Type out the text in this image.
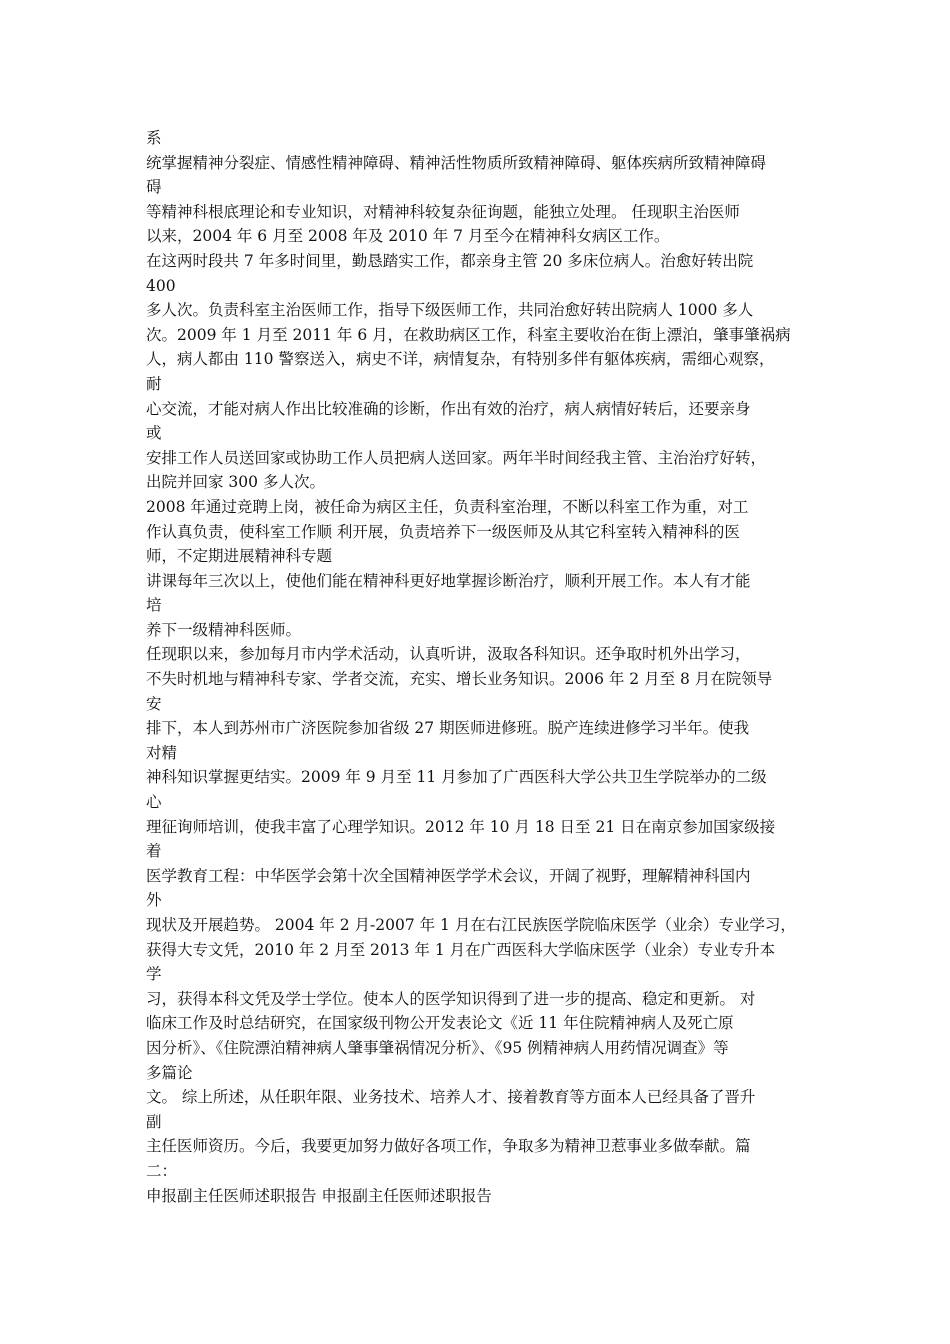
系
统掌握精神分裂症、情感性精神障碍、精神活性物质所致精神障碍、躯体疾病所致精神障碍
碍
等精神科根底理论和专业知识，对精神科较复杂征询题，能独立处理。 任现职主治医师
以来，2004 年 6 月至 2008 年及 2010 年 7 月至今在精神科女病区工作。
在这两时段共 7 年多时间里，勤恳踏实工作，都亲身主管 20 多床位病人。治愈好转出院
400
多人次。负责科室主治医师工作，指导下级医师工作，共同治愈好转出院病人 1000 多人
次。2009 年 1 月至 2011 年 6 月，在救助病区工作，科室主要收治在街上漂泊，肇事肇祸病
人，病人都由 110 警察送入，病史不详，病情复杂，有特别多伴有躯体疾病，需细心观察，
耐
心交流，才能对病人作出比较准确的诊断，作出有效的治疗，病人病情好转后，还要亲身
或
安排工作人员送回家或协助工作人员把病人送回家。两年半时间经我主管、主治治疗好转，
出院并回家 300 多人次。
2008 年通过竞聘上岗，被任命为病区主任，负责科室治理，不断以科室工作为重，对工
作认真负责，使科室工作顺 利开展，负责培养下一级医师及从其它科室转入精神科的医
师，不定期进展精神科专题
讲课每年三次以上，使他们能在精神科更好地掌握诊断治疗，顺利开展工作。本人有才能
培
养下一级精神科医师。
任现职以来，参加每月市内学术活动，认真听讲，汲取各科知识。还争取时机外出学习，
不失时机地与精神科专家、学者交流，充实、增长业务知识。2006 年 2 月至 8 月在院领导
安
排下，本人到苏州市广济医院参加省级 27 期医师进修班。脱产连续进修学习半年。使我
对精
神科知识掌握更结实。2009 年 9 月至 11 月参加了广西医科大学公共卫生学院举办的二级
心
理征询师培训，使我丰富了心理学知识。2012 年 10 月 18 日至 21 日在南京参加国家级接
着
医学教育工程：中华医学会第十次全国精神医学学术会议，开阔了视野，理解精神科国内
外
现状及开展趋势。 2004 年 2 月-2007 年 1 月在右江民族医学院临床医学（业余）专业学习，
获得大专文凭，2010 年 2 月至 2013 年 1 月在广西医科大学临床医学（业余）专业专升本
学
习，获得本科文凭及学士学位。使本人的医学知识得到了进一步的提高、稳定和更新。 对
临床工作及时总结研究，在国家级刊物公开发表论文《近 11 年住院精神病人及死亡原
因分析》、《住院漂泊精神病人肇事肇祸情况分析》、《95 例精神病人用药情况调查》等
多篇论
文。 综上所述，从任职年限、业务技术、培养人才、接着教育等方面本人已经具备了晋升
副
主任医师资历。今后，我要更加努力做好各项工作，争取多为精神卫惹事业多做奉献。篇
二：
申报副主任医师述职报告 申报副主任医师述职报告
